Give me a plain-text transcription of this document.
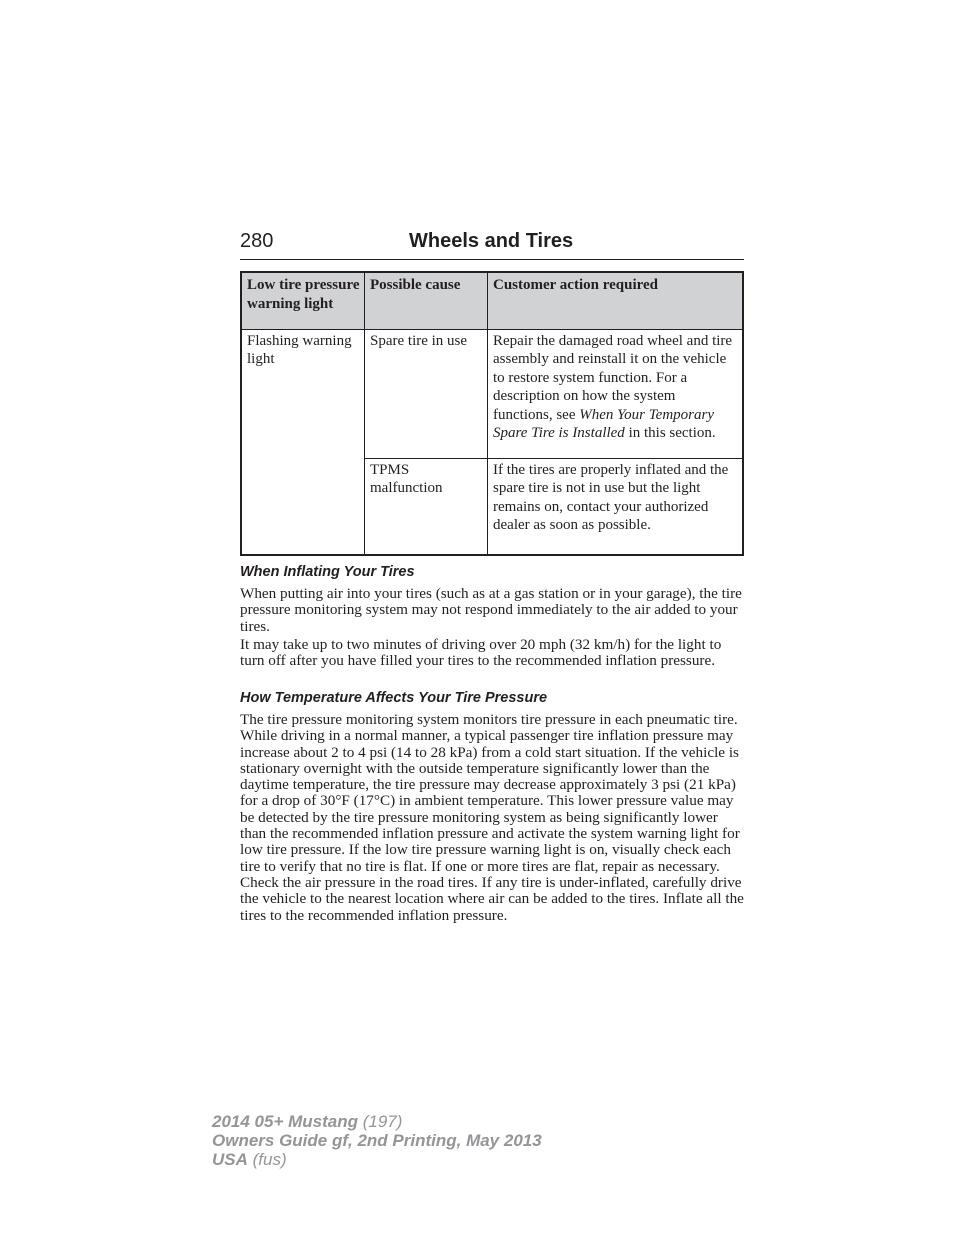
280	Wheels and Tires
Low tire pressure warning light	Possible cause	Customer action required
Flashing warning light	Spare tire in use	Repair the damaged road wheel and tire assembly and reinstall it on the vehicle to restore system function. For a description on how the system functions, see When Your Temporary Spare Tire is Installed in this section.
	TPMS malfunction	If the tires are properly inflated and the spare tire is not in use but the light remains on, contact your authorized dealer as soon as possible.
When Inflating Your Tires

When putting air into your tires (such as at a gas station or in your garage), the tire pressure monitoring system may not respond immediately to the air added to your tires.

It may take up to two minutes of driving over 20 mph (32 km/h) for the light to turn off after you have filled your tires to the recommended inflation pressure.

How Temperature Affects Your Tire Pressure

The tire pressure monitoring system monitors tire pressure in each pneumatic tire. While driving in a normal manner, a typical passenger tire inflation pressure may increase about 2 to 4 psi (14 to 28 kPa) from a cold start situation. If the vehicle is stationary overnight with the outside temperature significantly lower than the daytime temperature, the tire pressure may decrease approximately 3 psi (21 kPa) for a drop of 30°F (17°C) in ambient temperature. This lower pressure value may be detected by the tire pressure monitoring system as being significantly lower than the recommended inflation pressure and activate the system warning light for low tire pressure. If the low tire pressure warning light is on, visually check each tire to verify that no tire is flat. If one or more tires are flat, repair as necessary. Check the air pressure in the road tires. If any tire is under-inflated, carefully drive the vehicle to the nearest location where air can be added to the tires. Inflate all the tires to the recommended inflation pressure.

2014 05+ Mustang (197)
Owners Guide gf, 2nd Printing, May 2013
USA (fus)
